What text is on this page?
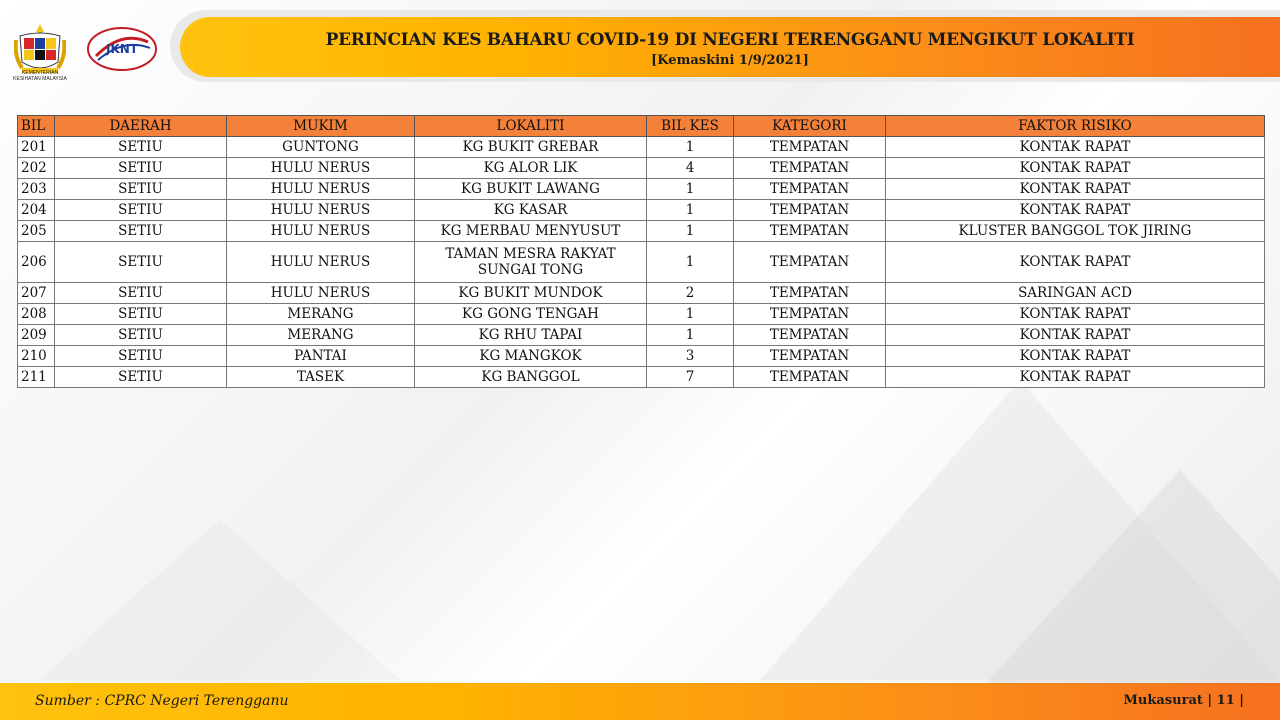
KEMENTERIAN KESIHATAN MALAYSIA
JKNT	PERINCIAN KES BAHARU COVID-19 DI NEGERI TERENGGANU MENGIKUT LOKALITI
[Kemaskini 1/9/2021]
BIL	DAERAH	MUKIM	LOKALITI	BIL KES	KATEGORI	FAKTOR RISIKO
201	SETIU	GUNTONG	KG BUKIT GREBAR	1	TEMPATAN	KONTAK RAPAT
202	SETIU	HULU NERUS	KG ALOR LIK	4	TEMPATAN	KONTAK RAPAT
203	SETIU	HULU NERUS	KG BUKIT LAWANG	1	TEMPATAN	KONTAK RAPAT
204	SETIU	HULU NERUS	KG KASAR	1	TEMPATAN	KONTAK RAPAT
205	SETIU	HULU NERUS	KG MERBAU MENYUSUT	1	TEMPATAN	KLUSTER BANGGOL TOK JIRING
206	SETIU	HULU NERUS	TAMAN MESRA RAKYAT SUNGAI TONG	1	TEMPATAN	KONTAK RAPAT
207	SETIU	HULU NERUS	KG BUKIT MUNDOK	2	TEMPATAN	SARINGAN ACD
208	SETIU	MERANG	KG GONG TENGAH	1	TEMPATAN	KONTAK RAPAT
209	SETIU	MERANG	KG RHU TAPAI	1	TEMPATAN	KONTAK RAPAT
210	SETIU	PANTAI	KG MANGKOK	3	TEMPATAN	KONTAK RAPAT
211	SETIU	TASEK	KG BANGGOL	7	TEMPATAN	KONTAK RAPAT
Sumber : CPRC Negeri Terengganu	Mukasurat | 11 |
